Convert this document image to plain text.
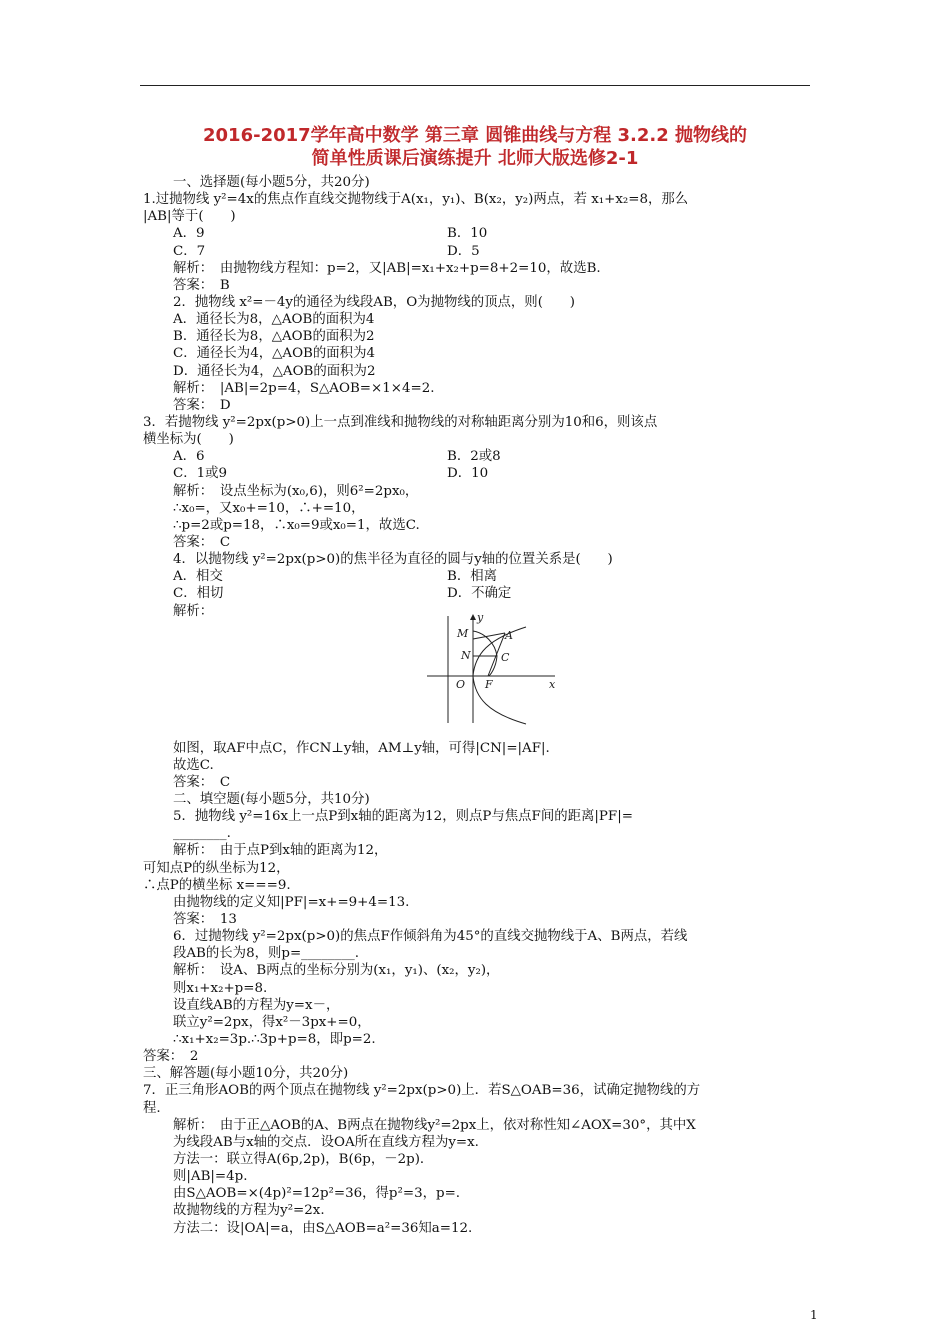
2016-2017学年高中数学 第三章 圆锥曲线与方程 3.2.2 抛物线的
简单性质课后演练提升 北师大版选修2-1
一、选择题(每小题5分，共20分)
1.过抛物线 y²=4x的焦点作直线交抛物线于A(x₁，y₁)、B(x₂，y₂)两点，若 x₁+x₂=8，那么
|AB|等于(　　)
A．9	B．10
C．7	D．5
解析：　由抛物线方程知：p=2，又|AB|=x₁+x₂+p=8+2=10，故选B.
答案：　B
2．抛物线 x²=－4y的通径为线段AB，O为抛物线的顶点，则(　　)
A．通径长为8，△AOB的面积为4
B．通径长为8，△AOB的面积为2
C．通径长为4，△AOB的面积为4
D．通径长为4，△AOB的面积为2
解析：　|AB|=2p=4，S△AOB=×1×4=2.
答案：　D
3．若抛物线 y²=2px(p>0)上一点到准线和抛物线的对称轴距离分别为10和6，则该点
横坐标为(　　)
A．6	B．2或8
C．1或9	D．10
解析：　设点坐标为(x₀,6)，则6²=2px₀，
∴x₀=，又x₀+=10，∴+=10，
∴p=2或p=18，∴x₀=9或x₀=1，故选C.
答案：　C
4．以抛物线 y²=2px(p>0)的焦半径为直径的圆与y轴的位置关系是(　　)
A．相交	B．相离
C．相切	D．不确定
解析：
如图，取AF中点C，作CN⊥y轴，AM⊥y轴，可得|CN|=|AF|.
故选C.
答案：　C
二、填空题(每小题5分，共10分)
5．抛物线 y²=16x上一点P到x轴的距离为12，则点P与焦点F间的距离|PF|=
________.
解析：　由于点P到x轴的距离为12，
可知点P的纵坐标为12，
∴点P的横坐标 x===9.
由抛物线的定义知|PF|=x+=9+4=13.
答案：　13
6．过抛物线 y²=2px(p>0)的焦点F作倾斜角为45°的直线交抛物线于A、B两点，若线
段AB的长为8，则p=________.
解析：　设A、B两点的坐标分别为(x₁，y₁)、(x₂，y₂)，
则x₁+x₂+p=8.
设直线AB的方程为y=x－，
联立y²=2px，得x²－3px+=0，
∴x₁+x₂=3p.∴3p+p=8，即p=2.
答案：　2
三、解答题(每小题10分，共20分)
7．正三角形AOB的两个顶点在抛物线 y²=2px(p>0)上．若S△OAB=36，试确定抛物线的方
程.
解析：　由于正△AOB的A、B两点在抛物线y²=2px上，依对称性知∠AOX=30°，其中X
为线段AB与x轴的交点．设OA所在直线方程为y=x.
方法一：联立得A(6p,2p)，B(6p，－2p)．
则|AB|=4p.
由S△AOB=×(4p)²=12p²=36，得p²=3，p=.
故抛物线的方程为y²=2x.
方法二：设|OA|=a，由S△AOB=a²=36知a=12.
y
x
M	A
N	C
O F
1
